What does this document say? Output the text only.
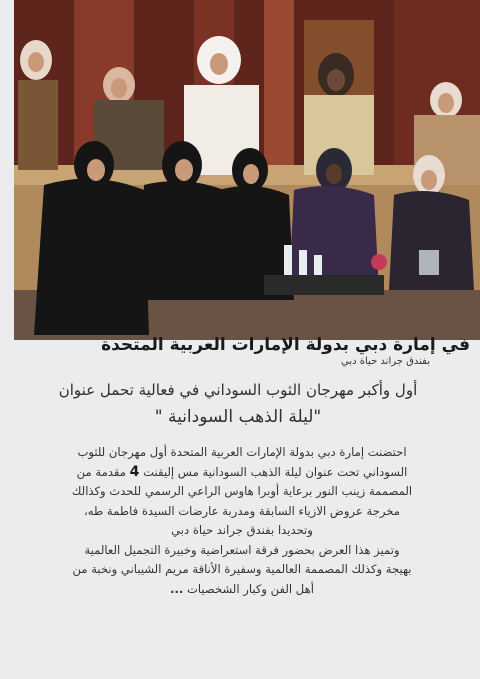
في إمارة دبي بدولة الإمارات العربية المتحدة
بفندق جراند حياة دبي
أول وأكبر مهرجان الثوب السوداني في فعالية تحمل عنوان
"ليلة الذهب السودانية "

احتضنت إمارة دبي بدولة الإمارات العربية المتحدة أول مهرجان للثوب

السوداني تحت عنوان ليلة الذهب السودانية مس إليقنت 4 مقدمة من

المصممة زينب النور برعاية أوبرا هاوس الراعي الرسمي للحدث وكذالك

مخرجة عروض الازياء السابقة ومدربة عارضات السيدة فاطمة طه،

وتحديدا بفندق جراند حياة دبي

وتميز هذا العرض بحضور فرقة استعراضية وخبيرة التجميل العالمية

بهيجة وكذلك المصممة العالمية وسفيرة الأناقة مريم الشيباني ونخبة من

أهل الفن وكبار الشخصيات ...
